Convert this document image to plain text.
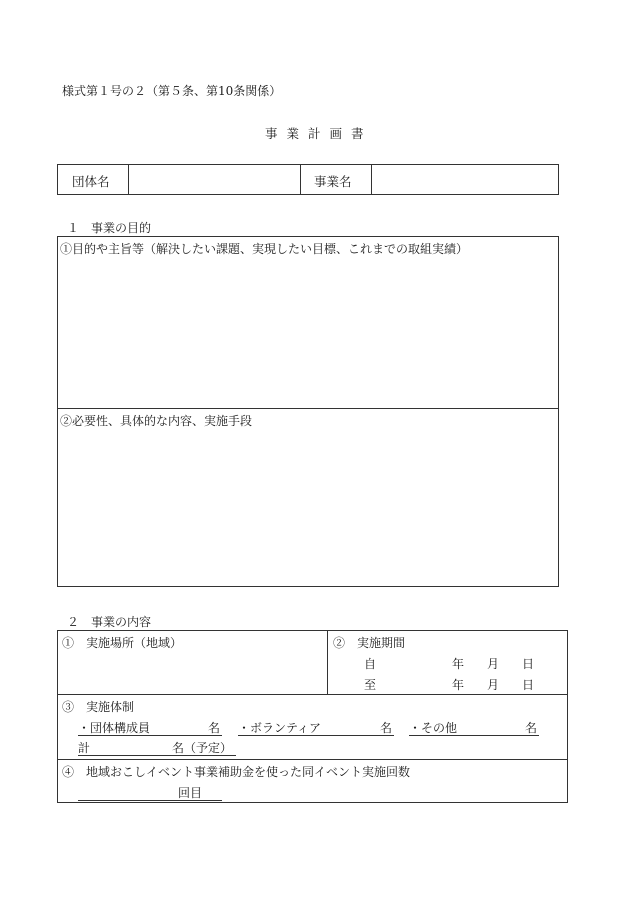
様式第１号の２（第５条、第10条関係）
事業計画書
団体名	事業名
１　事業の目的
①目的や主旨等（解決したい課題、実現したい目標、これまでの取組実績）
②必要性、具体的な内容、実施手段
２　事業の内容
①　実施場所（地域）	②　実施期間
自	年 月 日
至	年 月 日
③　実施体制
・団体構成員	名 ・ボランティア	名 ・その他	名
計	名（予定）
④　地域おこしイベント事業補助金を使った同イベント実施回数
回目
